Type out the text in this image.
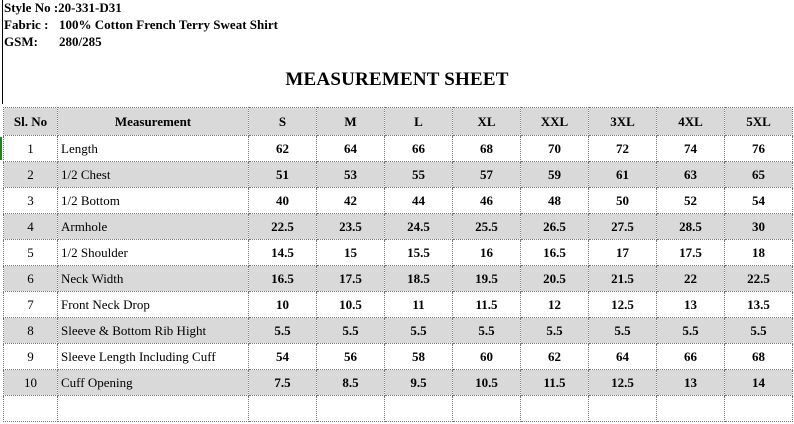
Style No :20-331-D31
Fabric : 100% Cotton French Terry Sweat Shirt
GSM: 280/285
MEASUREMENT SHEET
Sl. No	Measurement	S	M	L	XL	XXL	3XL	4XL	5XL
1	Length	62	64	66	68	70	72	74	76
2	1/2 Chest	51	53	55	57	59	61	63	65
3	1/2 Bottom	40	42	44	46	48	50	52	54
4	Armhole	22.5	23.5	24.5	25.5	26.5	27.5	28.5	30
5	1/2 Shoulder	14.5	15	15.5	16	16.5	17	17.5	18
6	Neck Width	16.5	17.5	18.5	19.5	20.5	21.5	22	22.5
7	Front Neck Drop	10	10.5	11	11.5	12	12.5	13	13.5
8	Sleeve & Bottom Rib Hight	5.5	5.5	5.5	5.5	5.5	5.5	5.5	5.5
9	Sleeve Length Including Cuff	54	56	58	60	62	64	66	68
10	Cuff Opening	7.5	8.5	9.5	10.5	11.5	12.5	13	14
